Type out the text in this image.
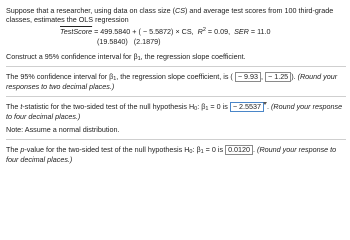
Suppose that a researcher, using data on class size (CS) and average test scores from 100 third-grade
classes, estimates the OLS regression
TestScore = 499.5840 + ( − 5.5872) × CS, $R^2 = 0.09$, SER = 11.0
(19.5840) (2.1879)
Construct a 95% confidence interval for $\beta_1$, the regression slope coefficient.
The 95% confidence interval for $\beta_1$, the regression slope coefficient, is ( − 9.93 , − 1.25 ). (Round your responses to two decimal places.)
The t-statistic for the two-sided test of the null hypothesis $H_0$: $\beta_1 = 0$ is − 2.5537 . (Round your response to four decimal places.)
Note: Assume a normal distribution.
The p-value for the two-sided test of the null hypothesis $H_0$: $\beta_1 = 0$ is 0.0120 . (Round your response to four decimal places.)
